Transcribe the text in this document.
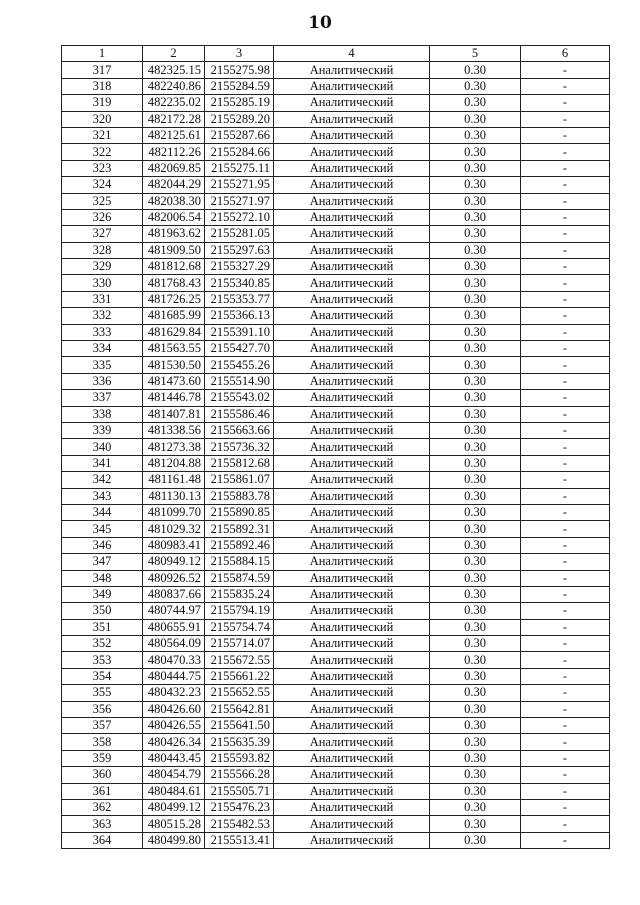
10
1	2	3	4	5	6
317	482325.15	2155275.98	Аналитический	0.30	-
318	482240.86	2155284.59	Аналитический	0.30	-
319	482235.02	2155285.19	Аналитический	0.30	-
320	482172.28	2155289.20	Аналитический	0.30	-
321	482125.61	2155287.66	Аналитический	0.30	-
322	482112.26	2155284.66	Аналитический	0.30	-
323	482069.85	2155275.11	Аналитический	0.30	-
324	482044.29	2155271.95	Аналитический	0.30	-
325	482038.30	2155271.97	Аналитический	0.30	-
326	482006.54	2155272.10	Аналитический	0.30	-
327	481963.62	2155281.05	Аналитический	0.30	-
328	481909.50	2155297.63	Аналитический	0.30	-
329	481812.68	2155327.29	Аналитический	0.30	-
330	481768.43	2155340.85	Аналитический	0.30	-
331	481726.25	2155353.77	Аналитический	0.30	-
332	481685.99	2155366.13	Аналитический	0.30	-
333	481629.84	2155391.10	Аналитический	0.30	-
334	481563.55	2155427.70	Аналитический	0.30	-
335	481530.50	2155455.26	Аналитический	0.30	-
336	481473.60	2155514.90	Аналитический	0.30	-
337	481446.78	2155543.02	Аналитический	0.30	-
338	481407.81	2155586.46	Аналитический	0.30	-
339	481338.56	2155663.66	Аналитический	0.30	-
340	481273.38	2155736.32	Аналитический	0.30	-
341	481204.88	2155812.68	Аналитический	0.30	-
342	481161.48	2155861.07	Аналитический	0.30	-
343	481130.13	2155883.78	Аналитический	0.30	-
344	481099.70	2155890.85	Аналитический	0.30	-
345	481029.32	2155892.31	Аналитический	0.30	-
346	480983.41	2155892.46	Аналитический	0.30	-
347	480949.12	2155884.15	Аналитический	0.30	-
348	480926.52	2155874.59	Аналитический	0.30	-
349	480837.66	2155835.24	Аналитический	0.30	-
350	480744.97	2155794.19	Аналитический	0.30	-
351	480655.91	2155754.74	Аналитический	0.30	-
352	480564.09	2155714.07	Аналитический	0.30	-
353	480470.33	2155672.55	Аналитический	0.30	-
354	480444.75	2155661.22	Аналитический	0.30	-
355	480432.23	2155652.55	Аналитический	0.30	-
356	480426.60	2155642.81	Аналитический	0.30	-
357	480426.55	2155641.50	Аналитический	0.30	-
358	480426.34	2155635.39	Аналитический	0.30	-
359	480443.45	2155593.82	Аналитический	0.30	-
360	480454.79	2155566.28	Аналитический	0.30	-
361	480484.61	2155505.71	Аналитический	0.30	-
362	480499.12	2155476.23	Аналитический	0.30	-
363	480515.28	2155482.53	Аналитический	0.30	-
364	480499.80	2155513.41	Аналитический	0.30	-
